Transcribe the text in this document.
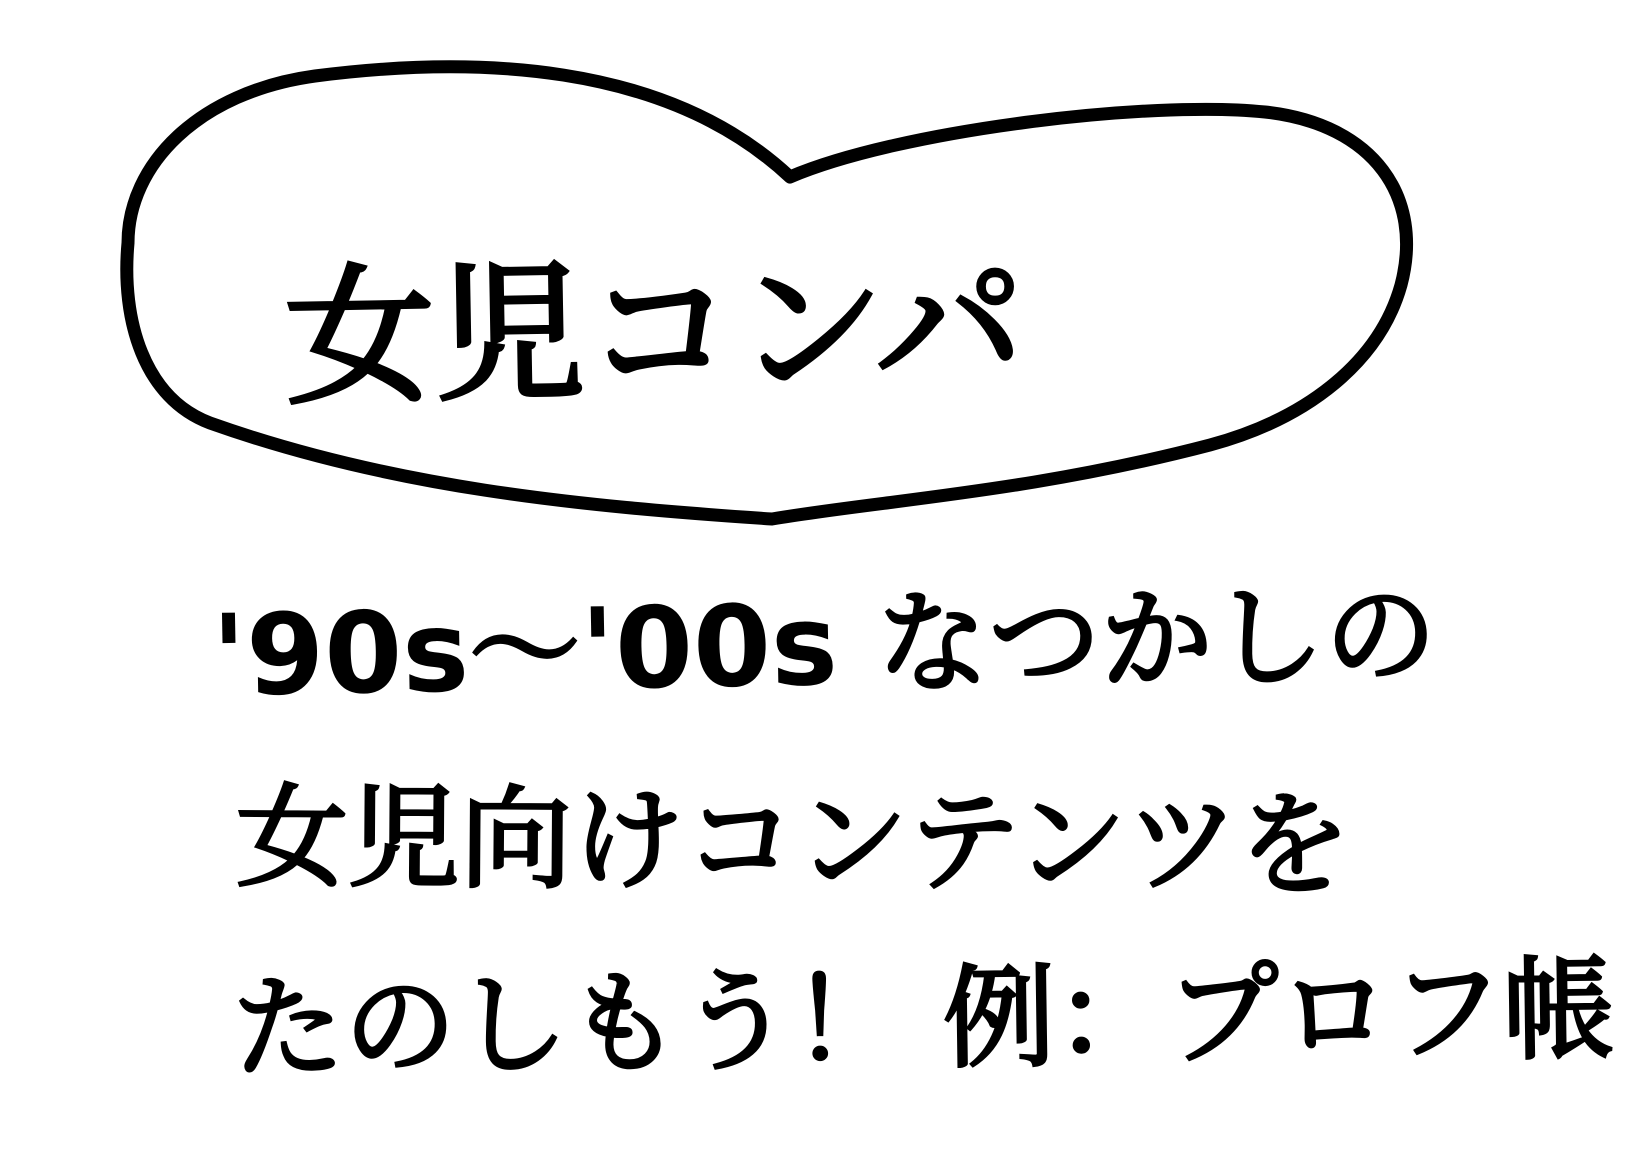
女児コンパ
'90s〜'00s なつかしの
女児向けコンテンツを
たのしもう！ 例：プロフ帳
